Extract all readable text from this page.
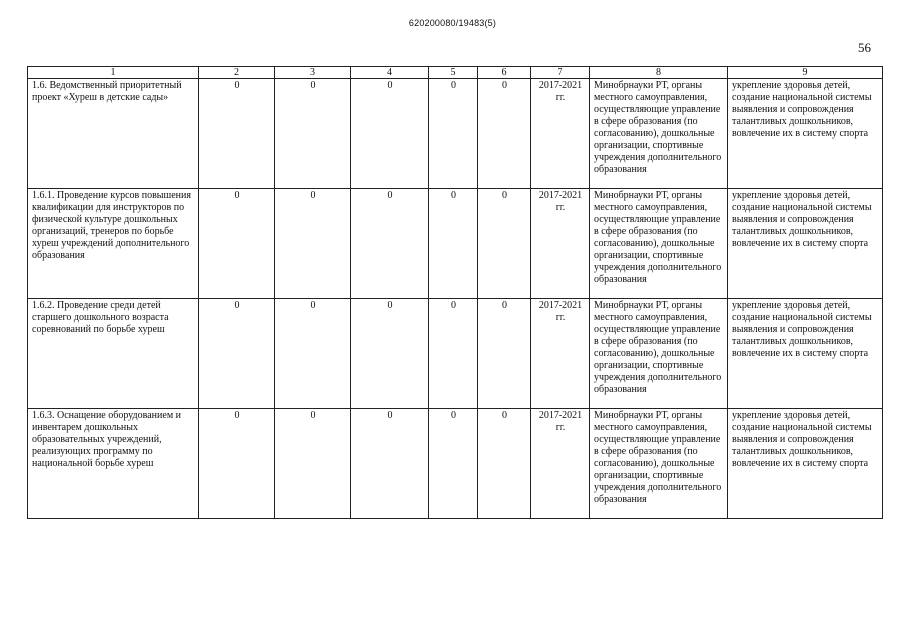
620200080/19483(5)
56
1	2	3	4	5	6	7	8	9
1.6. Ведомственный приоритетный проект «Хуреш в детские сады»	0	0	0	0	0	2017-2021 гг.	Минобрнауки РТ, органы местного самоуправления, осуществляющие управление в сфере образования (по согласованию), дошкольные организации, спортивные учреждения дополнительного образования	укрепление здоровья детей, создание национальной системы выявления и сопровождения талантливых дошкольников, вовлечение их в систему спорта
1.6.1. Проведение курсов повышения квалификации для инструкторов по физической культуре дошкольных организаций, тренеров по борьбе хуреш учреждений дополнительного образования	0	0	0	0	0	2017-2021 гг.	Минобрнауки РТ, органы местного самоуправления, осуществляющие управление в сфере образования (по согласованию), дошкольные организации, спортивные учреждения дополнительного образования	укрепление здоровья детей, создание национальной системы выявления и сопровождения талантливых дошкольников, вовлечение их в систему спорта
1.6.2. Проведение среди детей старшего дошкольного возраста соревнований по борьбе хуреш	0	0	0	0	0	2017-2021 гг.	Минобрнауки РТ, органы местного самоуправления, осуществляющие управление в сфере образования (по согласованию), дошкольные организации, спортивные учреждения дополнительного образования	укрепление здоровья детей, создание национальной системы выявления и сопровождения талантливых дошкольников, вовлечение их в систему спорта
1.6.3. Оснащение оборудованием и инвентарем дошкольных образовательных учреждений, реализующих программу по национальной борьбе хуреш	0	0	0	0	0	2017-2021 гг.	Минобрнауки РТ, органы местного самоуправления, осуществляющие управление в сфере образования (по согласованию), дошкольные организации, спортивные учреждения дополнительного образования	укрепление здоровья детей, создание национальной системы выявления и сопровождения талантливых дошкольников, вовлечение их в систему спорта
